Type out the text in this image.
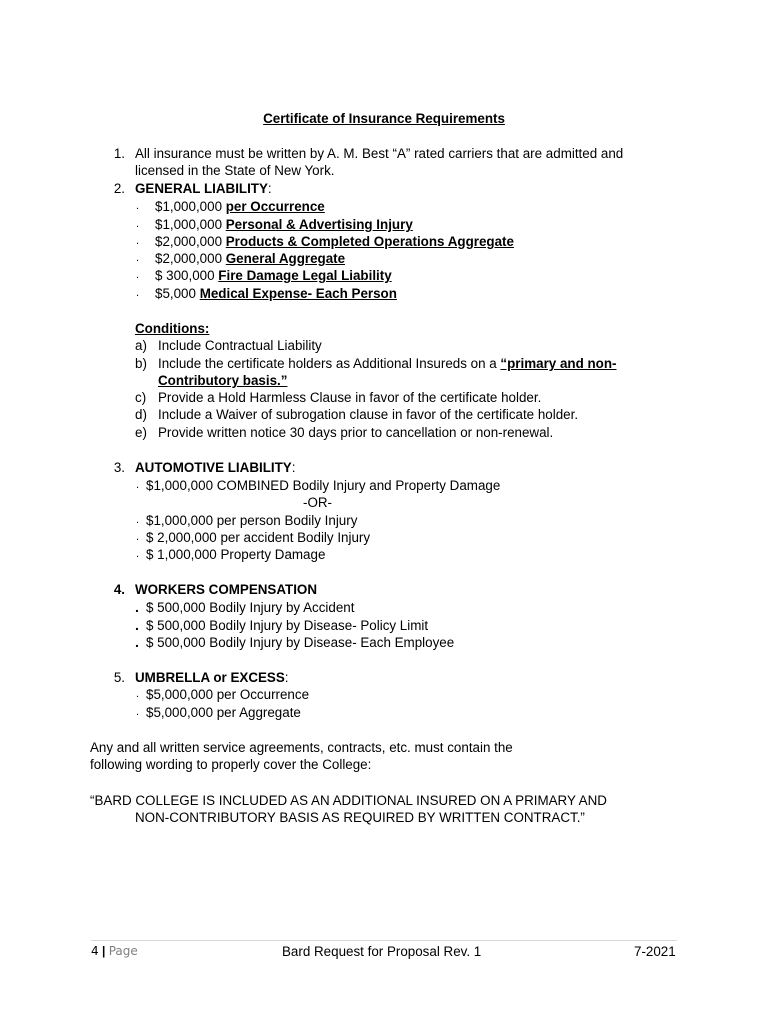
Certificate of Insurance Requirements
1. All insurance must be written by A. M. Best “A” rated carriers that are admitted and
licensed in the State of New York.
2. GENERAL LIABILITY:
. $1,000,000 per Occurrence
. $1,000,000 Personal & Advertising Injury
. $2,000,000 Products & Completed Operations Aggregate
. $2,000,000 General Aggregate
. $ 300,000 Fire Damage Legal Liability
. $5,000 Medical Expense- Each Person
Conditions:
a) Include Contractual Liability
b) Include the certificate holders as Additional Insureds on a “primary and non-
Contributory basis.”
c) Provide a Hold Harmless Clause in favor of the certificate holder.
d) Include a Waiver of subrogation clause in favor of the certificate holder.
e) Provide written notice 30 days prior to cancellation or non-renewal.
3. AUTOMOTIVE LIABILITY:
. $1,000,000 COMBINED Bodily Injury and Property Damage
-OR-
. $1,000,000 per person Bodily Injury
. $ 2,000,000 per accident Bodily Injury
. $ 1,000,000 Property Damage
4. WORKERS COMPENSATION
. $ 500,000 Bodily Injury by Accident
. $ 500,000 Bodily Injury by Disease- Policy Limit
. $ 500,000 Bodily Injury by Disease- Each Employee
5. UMBRELLA or EXCESS:
. $5,000,000 per Occurrence
. $5,000,000 per Aggregate
Any and all written service agreements, contracts, etc. must contain the
following wording to properly cover the College:
“BARD COLLEGE IS INCLUDED AS AN ADDITIONAL INSURED ON A PRIMARY AND
NON-CONTRIBUTORY BASIS AS REQUIRED BY WRITTEN CONTRACT.”
4 | Page	Bard Request for Proposal Rev. 1	7-2021
